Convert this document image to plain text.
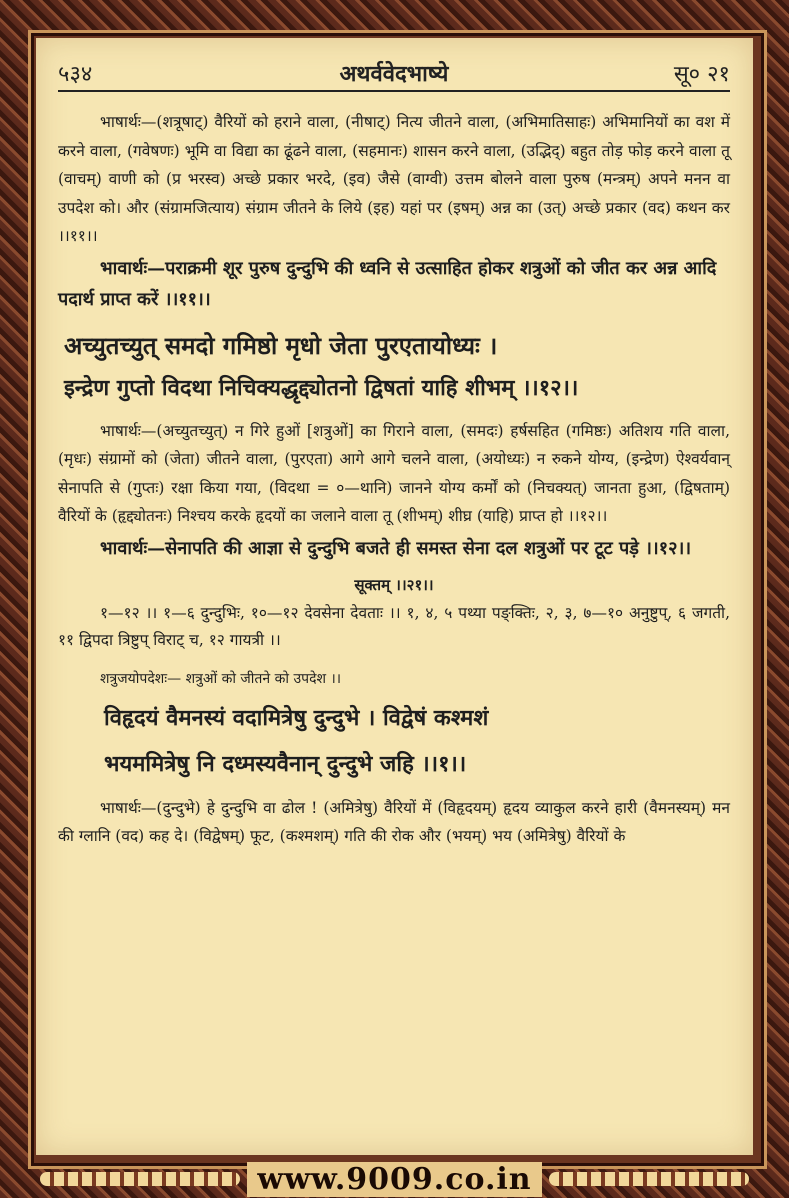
५३४	अथर्ववेदभाष्ये	सू० २१

भाषार्थः—(शत्रूषाट्) वैरियों को हराने वाला, (नीषाट्) नित्य जीतने वाला, (अभिमातिसाहः) अभिमानियों का वश में करने वाला, (गवेषणः) भूमि वा विद्या का ढूंढने वाला, (सहमानः) शासन करने वाला, (उद्भिद्) बहुत तोड़ फोड़ करने वाला तू (वाचम्) वाणी को (प्र भरस्व) अच्छे प्रकार भरदे, (इव) जैसे (वाग्वी) उत्तम बोलने वाला पुरुष (मन्त्रम्) अपने मनन वा उपदेश को। और (संग्रामजित्याय) संग्राम जीतने के लिये (इह) यहां पर (इषम्) अन्न का (उत्) अच्छे प्रकार (वद) कथन कर ।।११।।

भावार्थः—पराक्रमी शूर पुरुष दुन्दुभि की ध्वनि से उत्साहित होकर शत्रुओं को जीत कर अन्न आदि पदार्थ प्राप्त करें ।।११।।

अच्युतच्युत् समदो गमिष्ठो मृधो जेता पुरएतायोध्यः ।

इन्द्रेण गुप्तो विदथा निचिक्यद्धृद्द्योतनो द्विषतां याहि शीभम् ।।१२।।

भाषार्थः—(अच्युतच्युत्) न गिरे हुओं [शत्रुओं] का गिराने वाला, (समदः) हर्षसहित (गमिष्ठः) अतिशय गति वाला, (मृधः) संग्रामों को (जेता) जीतने वाला, (पुरएता) आगे आगे चलने वाला, (अयोध्यः) न रुकने योग्य, (इन्द्रेण) ऐश्वर्यवान् सेनापति से (गुप्तः) रक्षा किया गया, (विदथा = ०—थानि) जानने योग्य कर्मों को (निचक्यत्) जानता हुआ, (द्विषताम्) वैरियों के (हृद्द्योतनः) निश्चय करके हृदयों का जलाने वाला तू (शीभम्) शीघ्र (याहि) प्राप्त हो ।।१२।।

भावार्थः—सेनापति की आज्ञा से दुन्दुभि बजते ही समस्त सेना दल शत्रुओं पर टूट पड़े ।।१२।।

सूक्तम् ।।२१।।

१—१२ ।। १—६ दुन्दुभिः, १०—१२ देवसेना देवताः ।। १, ४, ५ पथ्या पङ्क्तिः, २, ३, ७—१० अनुष्टुप्, ६ जगती, ११ द्विपदा त्रिष्टुप् विराट् च, १२ गायत्री ।।

शत्रुजयोपदेशः— शत्रुओं को जीतने को उपदेश ।।

विहृदयं वैमनस्यं वदामित्रेषु दुन्दुभे । विद्वेषं कश्मशं

भयममित्रेषु नि दध्मस्यवैनान् दुन्दुभे जहि ।।१।।

भाषार्थः—(दुन्दुभे) हे दुन्दुभि वा ढोल ! (अमित्रेषु) वैरियों में (विहृदयम्) हृदय व्याकुल करने हारी (वैमनस्यम्) मन की ग्लानि (वद) कह दे। (विद्वेषम्) फूट, (कश्मशम्) गति की रोक और (भयम्) भय (अमित्रेषु) वैरियों के

www.9009.co.in
